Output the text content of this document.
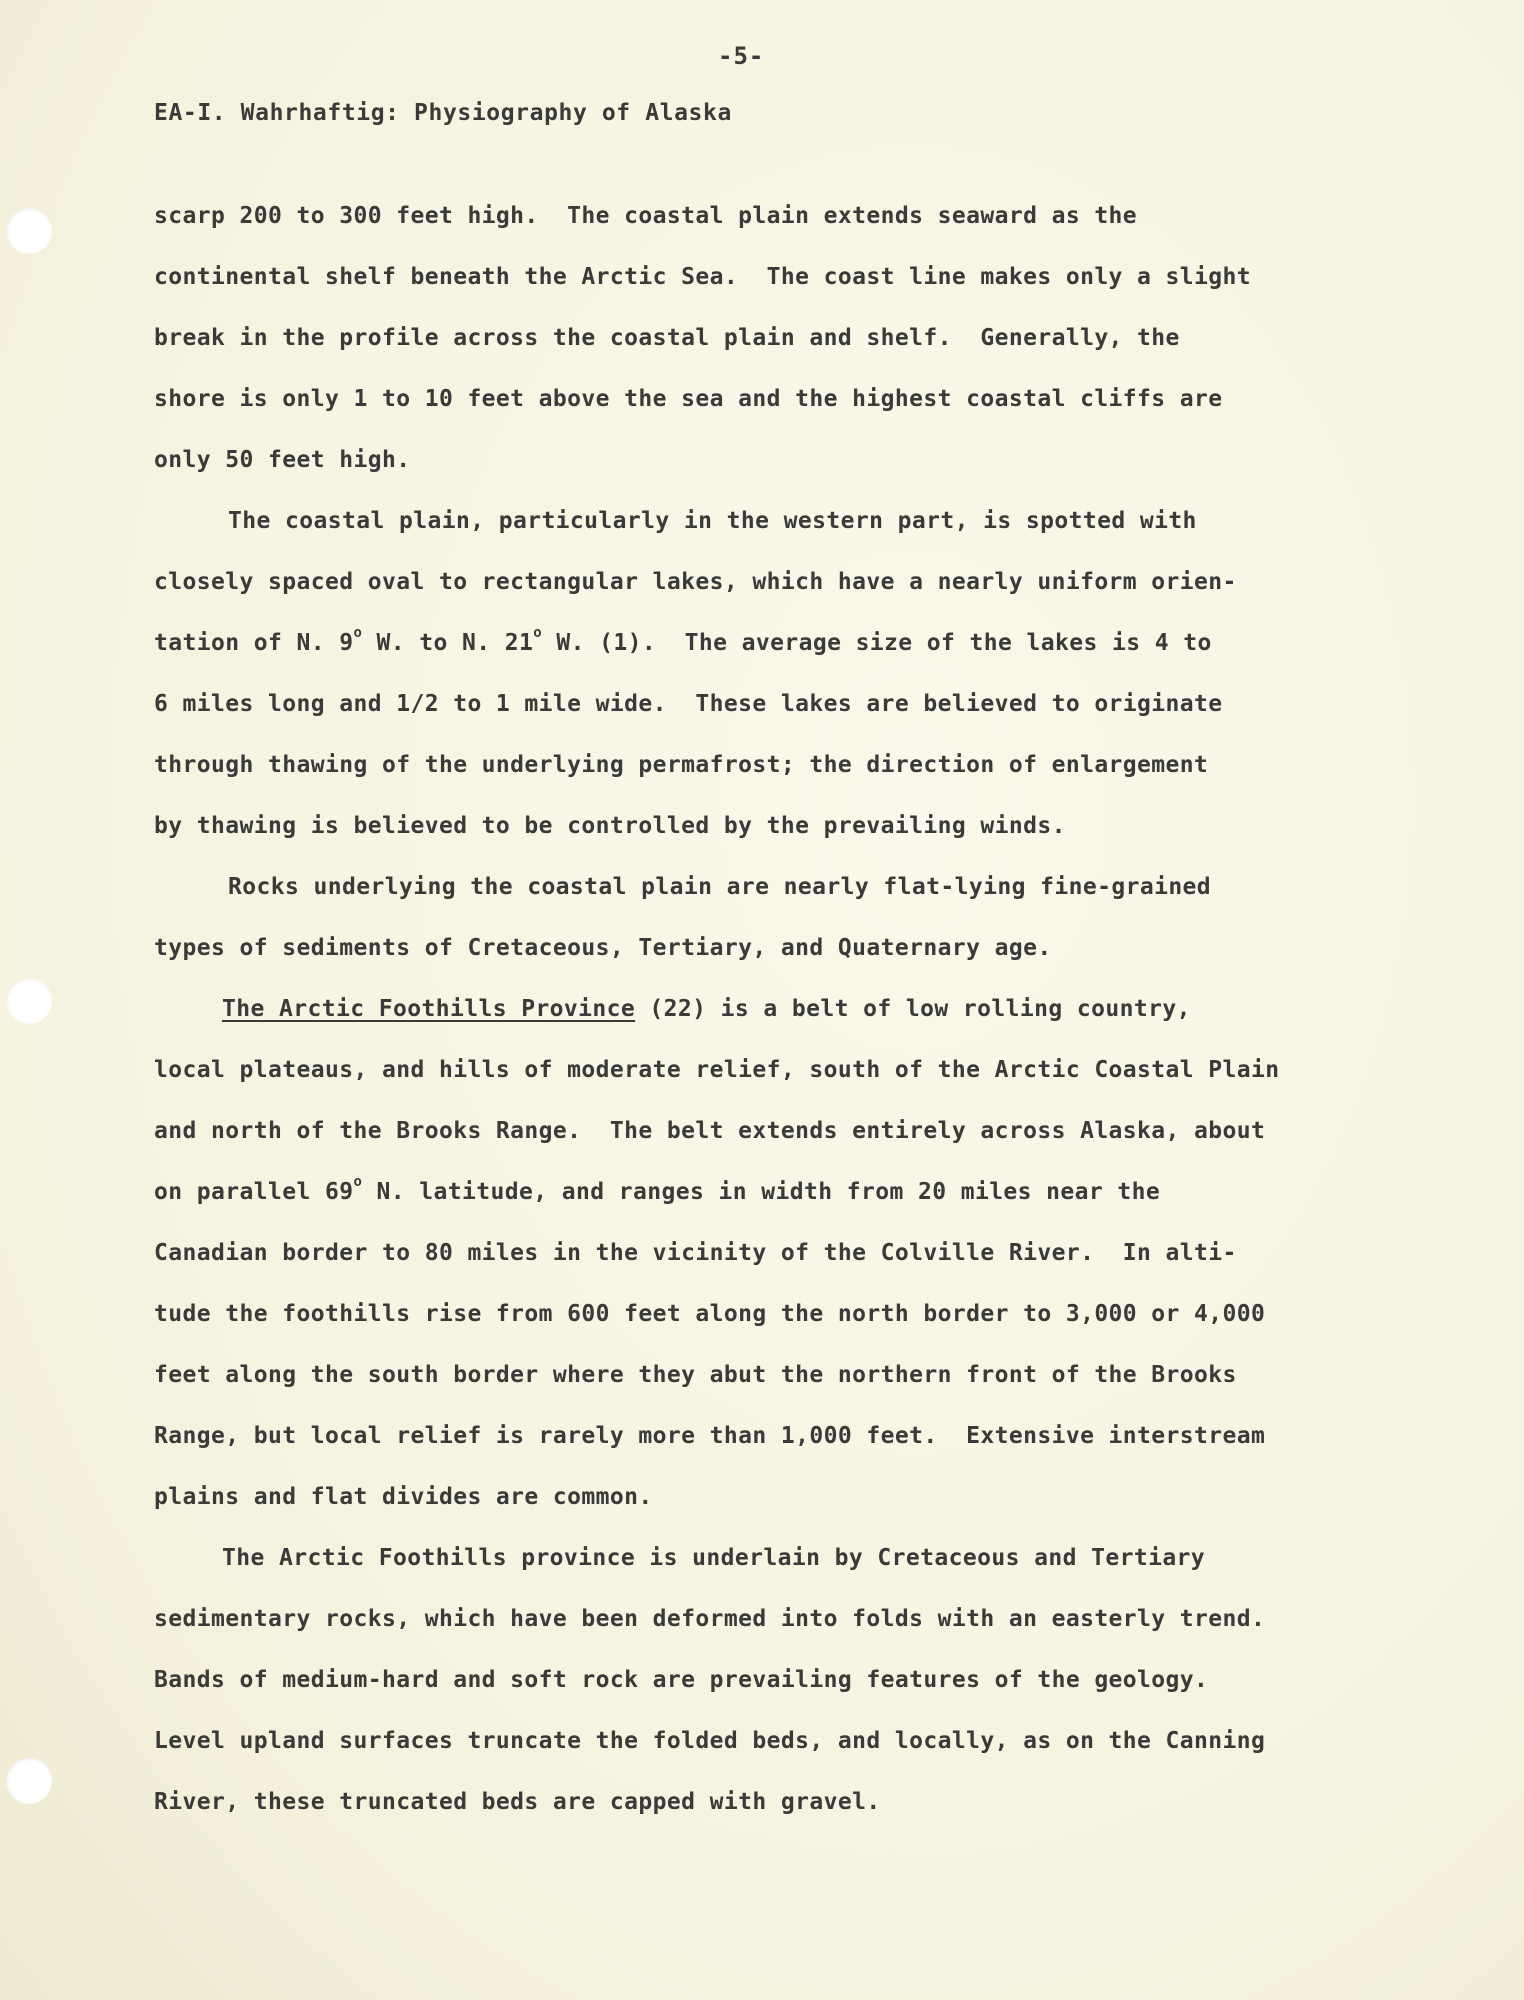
-5-
EA-I. Wahrhaftig: Physiography of Alaska
scarp 200 to 300 feet high.  The coastal plain extends seaward as the
continental shelf beneath the Arctic Sea.  The coast line makes only a slight
break in the profile across the coastal plain and shelf.  Generally, the
shore is only 1 to 10 feet above the sea and the highest coastal cliffs are
only 50 feet high.
The coastal plain, particularly in the western part, is spotted with
closely spaced oval to rectangular lakes, which have a nearly uniform orien-
tation of N. 9$^o$ W. to N. 21$^o$ W. (1).  The average size of the lakes is 4 to
6 miles long and 1/2 to 1 mile wide.  These lakes are believed to originate
through thawing of the underlying permafrost; the direction of enlargement
by thawing is believed to be controlled by the prevailing winds.
Rocks underlying the coastal plain are nearly flat-lying fine-grained
types of sediments of Cretaceous, Tertiary, and Quaternary age.
The Arctic Foothills Province (22) is a belt of low rolling country,
local plateaus, and hills of moderate relief, south of the Arctic Coastal Plain
and north of the Brooks Range.  The belt extends entirely across Alaska, about
on parallel 69$^o$ N. latitude, and ranges in width from 20 miles near the
Canadian border to 80 miles in the vicinity of the Colville River.  In alti-
tude the foothills rise from 600 feet along the north border to 3,000 or 4,000
feet along the south border where they abut the northern front of the Brooks
Range, but local relief is rarely more than 1,000 feet.  Extensive interstream
plains and flat divides are common.
The Arctic Foothills province is underlain by Cretaceous and Tertiary
sedimentary rocks, which have been deformed into folds with an easterly trend.
Bands of medium-hard and soft rock are prevailing features of the geology.
Level upland surfaces truncate the folded beds, and locally, as on the Canning
River, these truncated beds are capped with gravel.
